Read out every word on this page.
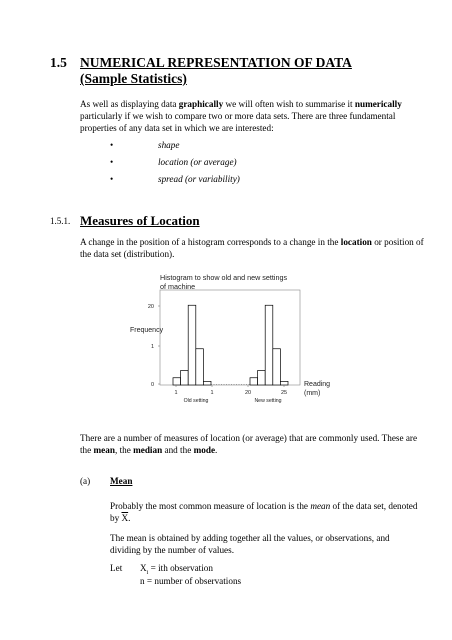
1.5 NUMERICAL REPRESENTATION OF DATA
(Sample Statistics)
As well as displaying data graphically we will often wish to summarise it numerically particularly if we wish to compare two or more data sets. There are three fundamental properties of any data set in which we are interested:
•	shape
•	location (or average)
•	spread (or variability)
1.5.1. Measures of Location
A change in the position of a histogram corresponds to a change in the location or position of the data set (distribution).
Histogram to show old and new settings
of machine
Frequency
20
1
0
1	1	20	25
Old setting	New setting
Reading
(mm)
There are a number of measures of location (or average) that are commonly used. These are the mean, the median and the mode.
(a) Mean
Probably the most common measure of location is the mean of the data set, denoted by $\overline{X}$.
The mean is obtained by adding together all the values, or observations, and dividing by the number of values.
Let $X_i$ = ith observation
n = number of observations
